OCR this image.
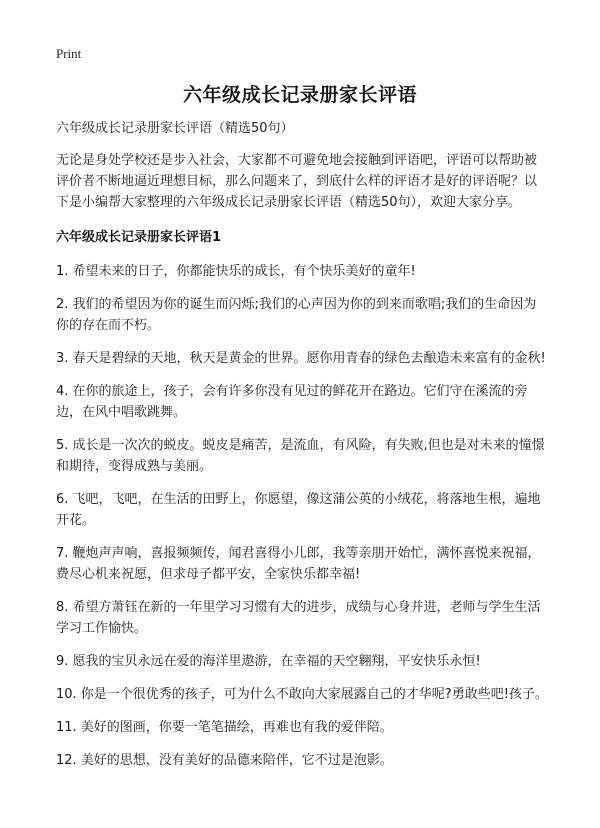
Print
六年级成长记录册家长评语

六年级成长记录册家长评语（精选50句）

无论是身处学校还是步入社会，大家都不可避免地会接触到评语吧，评语可以帮助被评价者不断地逼近理想目标，那么问题来了，到底什么样的评语才是好的评语呢？以下是小编帮大家整理的六年级成长记录册家长评语（精选50句），欢迎大家分享。

六年级成长记录册家长评语1

1. 希望未来的日子，你都能快乐的成长，有个快乐美好的童年!

2. 我们的希望因为你的诞生而闪烁;我们的心声因为你的到来而歌唱;我们的生命因为你的存在而不朽。

3. 春天是碧绿的天地，秋天是黄金的世界。愿你用青春的绿色去酿造未来富有的金秋!

4. 在你的旅途上，孩子，会有许多你没有见过的鲜花开在路边。它们守在溪流的旁边，在风中唱歌跳舞。

5. 成长是一次次的蜕皮。蜕皮是痛苦，是流血，有风险，有失败,但也是对未来的憧憬和期待，变得成熟与美丽。

6. 飞吧，飞吧，在生活的田野上，你愿望，像这蒲公英的小绒花，将落地生根，遍地开花。

7. 鞭炮声声响，喜报频频传，闻君喜得小儿郎，我等亲朋开始忙，满怀喜悦来祝福，费尽心机来祝愿，但求母子都平安，全家快乐都幸福!

8. 希望方萧钰在新的一年里学习习惯有大的进步，成绩与心身并进，老师与学生生活学习工作愉快。

9. 愿我的宝贝永远在爱的海洋里遨游，在幸福的天空翱翔，平安快乐永恒!

10. 你是一个很优秀的孩子，可为什么不敢向大家展露自己的才华呢?勇敢些吧!孩子。

11. 美好的图画，你要一笔笔描绘，再难也有我的爱伴陪。

12. 美好的思想，没有美好的品德来陪伴，它不过是泡影。
